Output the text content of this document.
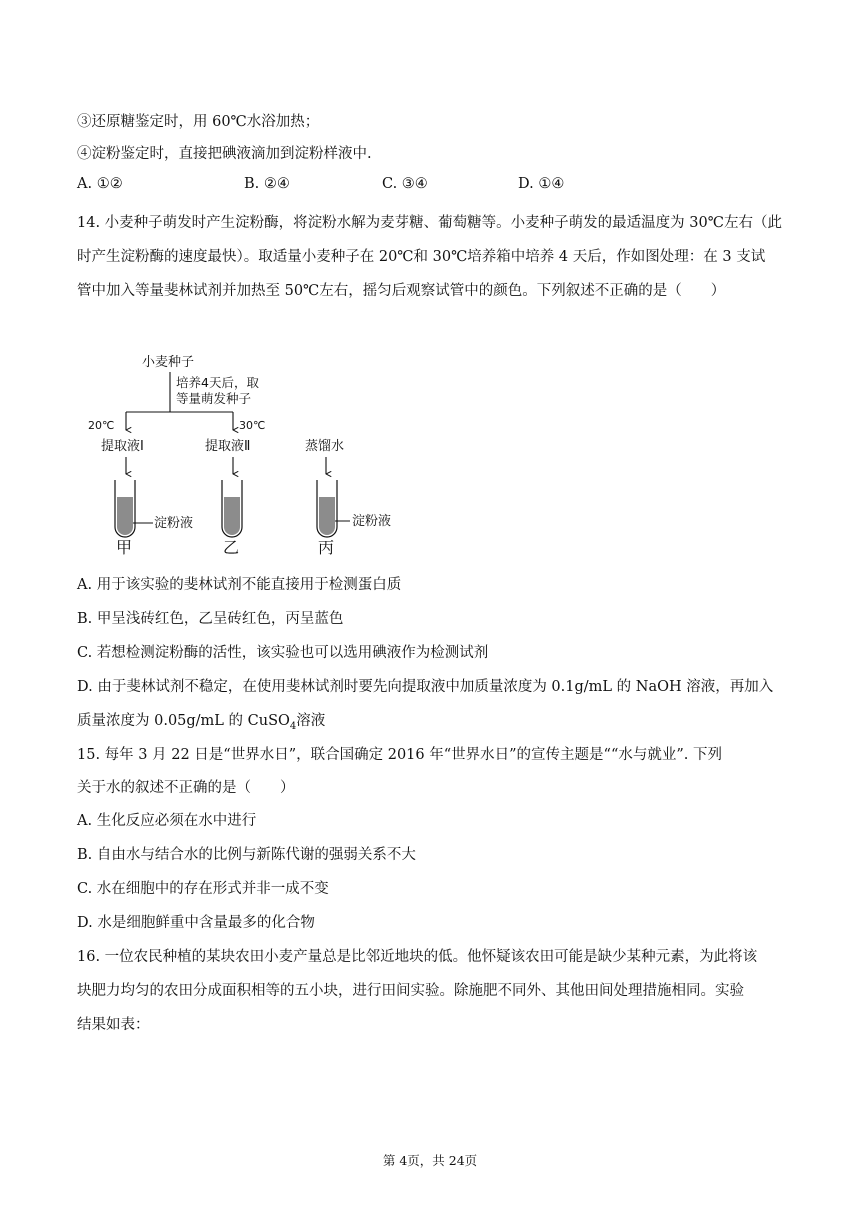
③还原糖鉴定时，用 60℃水浴加热；
④淀粉鉴定时，直接把碘液滴加到淀粉样液中.
A. ①②	B. ②④	C. ③④	D. ①④
14. 小麦种子萌发时产生淀粉酶，将淀粉水解为麦芽糖、葡萄糖等。小麦种子萌发的最适温度为 30℃左右（此
时产生淀粉酶的速度最快）。取适量小麦种子在 20℃和 30℃培养箱中培养 4 天后，作如图处理：在 3 支试
管中加入等量斐林试剂并加热至 50℃左右，摇匀后观察试管中的颜色。下列叙述不正确的是（　　）
小麦种子
培养4天后，取
等量萌发种子
20℃	30℃
提取液Ⅰ	提取液Ⅱ	蒸馏水
淀粉液	淀粉液
甲	乙	丙
A. 用于该实验的斐林试剂不能直接用于检测蛋白质
B. 甲呈浅砖红色，乙呈砖红色，丙呈蓝色
C. 若想检测淀粉酶的活性，该实验也可以选用碘液作为检测试剂
D. 由于斐林试剂不稳定，在使用斐林试剂时要先向提取液中加质量浓度为 0.1g/mL 的 NaOH 溶液，再加入
质量浓度为 0.05g/mL 的 CuSO$_4$溶液
15. 每年 3 月 22 日是“世界水日”，联合国确定 2016 年“世界水日”的宣传主题是““水与就业”. 下列
关于水的叙述不正确的是（　　）
A. 生化反应必须在水中进行
B. 自由水与结合水的比例与新陈代谢的强弱关系不大
C. 水在细胞中的存在形式并非一成不变
D. 水是细胞鲜重中含量最多的化合物
16. 一位农民种植的某块农田小麦产量总是比邻近地块的低。他怀疑该农田可能是缺少某种元素，为此将该
块肥力均匀的农田分成面积相等的五小块，进行田间实验。除施肥不同外、其他田间处理措施相同。实验
结果如表：
第 4页，共 24页
